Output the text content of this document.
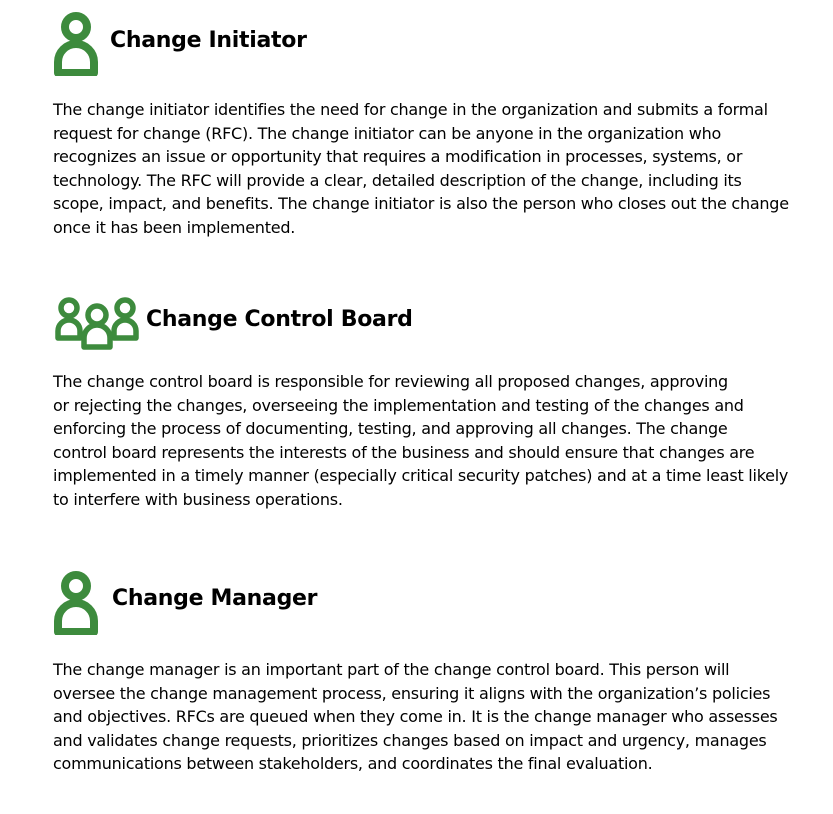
Change Initiator

The change initiator identifies the need for change in the organization and submits a formal
request for change (RFC). The change initiator can be anyone in the organization who
recognizes an issue or opportunity that requires a modification in processes, systems, or
technology. The RFC will provide a clear, detailed description of the change, including its
scope, impact, and benefits. The change initiator is also the person who closes out the change
once it has been implemented.

Change Control Board

The change control board is responsible for reviewing all proposed changes, approving
or rejecting the changes, overseeing the implementation and testing of the changes and
enforcing the process of documenting, testing, and approving all changes. The change
control board represents the interests of the business and should ensure that changes are
implemented in a timely manner (especially critical security patches) and at a time least likely
to interfere with business operations.

Change Manager

The change manager is an important part of the change control board. This person will
oversee the change management process, ensuring it aligns with the organization’s policies
and objectives. RFCs are queued when they come in. It is the change manager who assesses
and validates change requests, prioritizes changes based on impact and urgency, manages
communications between stakeholders, and coordinates the final evaluation.
